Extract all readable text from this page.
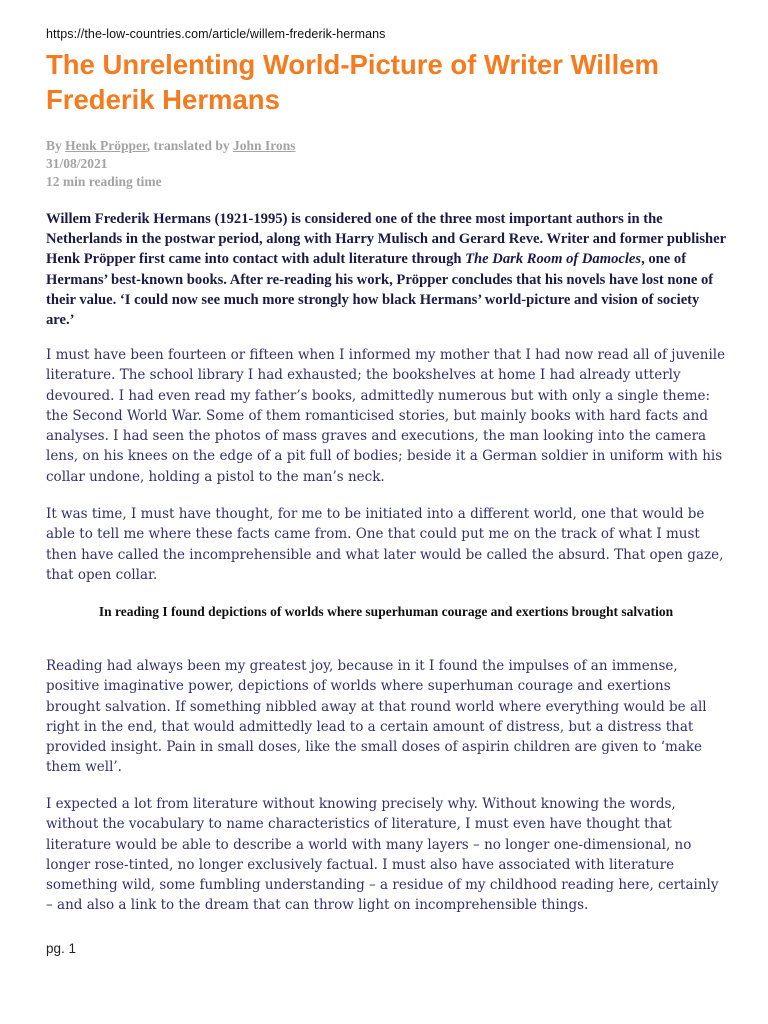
https://the-low-countries.com/article/willem-frederik-hermans
The Unrelenting World-Picture of Writer Willem Frederik Hermans
By Henk Pröpper, translated by John Irons
31/08/2021
12 min reading time

Willem Frederik Hermans (1921-1995) is considered one of the three most important authors in the Netherlands in the postwar period, along with Harry Mulisch and Gerard Reve. Writer and former publisher Henk Pröpper first came into contact with adult literature through The Dark Room of Damocles, one of Hermans’ best-known books. After re-reading his work, Pröpper concludes that his novels have lost none of their value. ‘I could now see much more strongly how black Hermans’ world-picture and vision of society are.’

I must have been fourteen or fifteen when I informed my mother that I had now read all of juvenile literature. The school library I had exhausted; the bookshelves at home I had already utterly devoured. I had even read my father’s books, admittedly numerous but with only a single theme: the Second World War. Some of them romanticised stories, but mainly books with hard facts and analyses. I had seen the photos of mass graves and executions, the man looking into the camera lens, on his knees on the edge of a pit full of bodies; beside it a German soldier in uniform with his collar undone, holding a pistol to the man’s neck.

It was time, I must have thought, for me to be initiated into a different world, one that would be able to tell me where these facts came from. One that could put me on the track of what I must then have called the incomprehensible and what later would be called the absurd. That open gaze, that open collar.

In reading I found depictions of worlds where superhuman courage and exertions brought salvation

Reading had always been my greatest joy, because in it I found the impulses of an immense, positive imaginative power, depictions of worlds where superhuman courage and exertions brought salvation. If something nibbled away at that round world where everything would be all right in the end, that would admittedly lead to a certain amount of distress, but a distress that provided insight. Pain in small doses, like the small doses of aspirin children are given to ‘make them well’.

I expected a lot from literature without knowing precisely why. Without knowing the words, without the vocabulary to name characteristics of literature, I must even have thought that literature would be able to describe a world with many layers – no longer one-dimensional, no longer rose-tinted, no longer exclusively factual. I must also have associated with literature something wild, some fumbling understanding – a residue of my childhood reading here, certainly – and also a link to the dream that can throw light on incomprehensible things.

pg. 1
